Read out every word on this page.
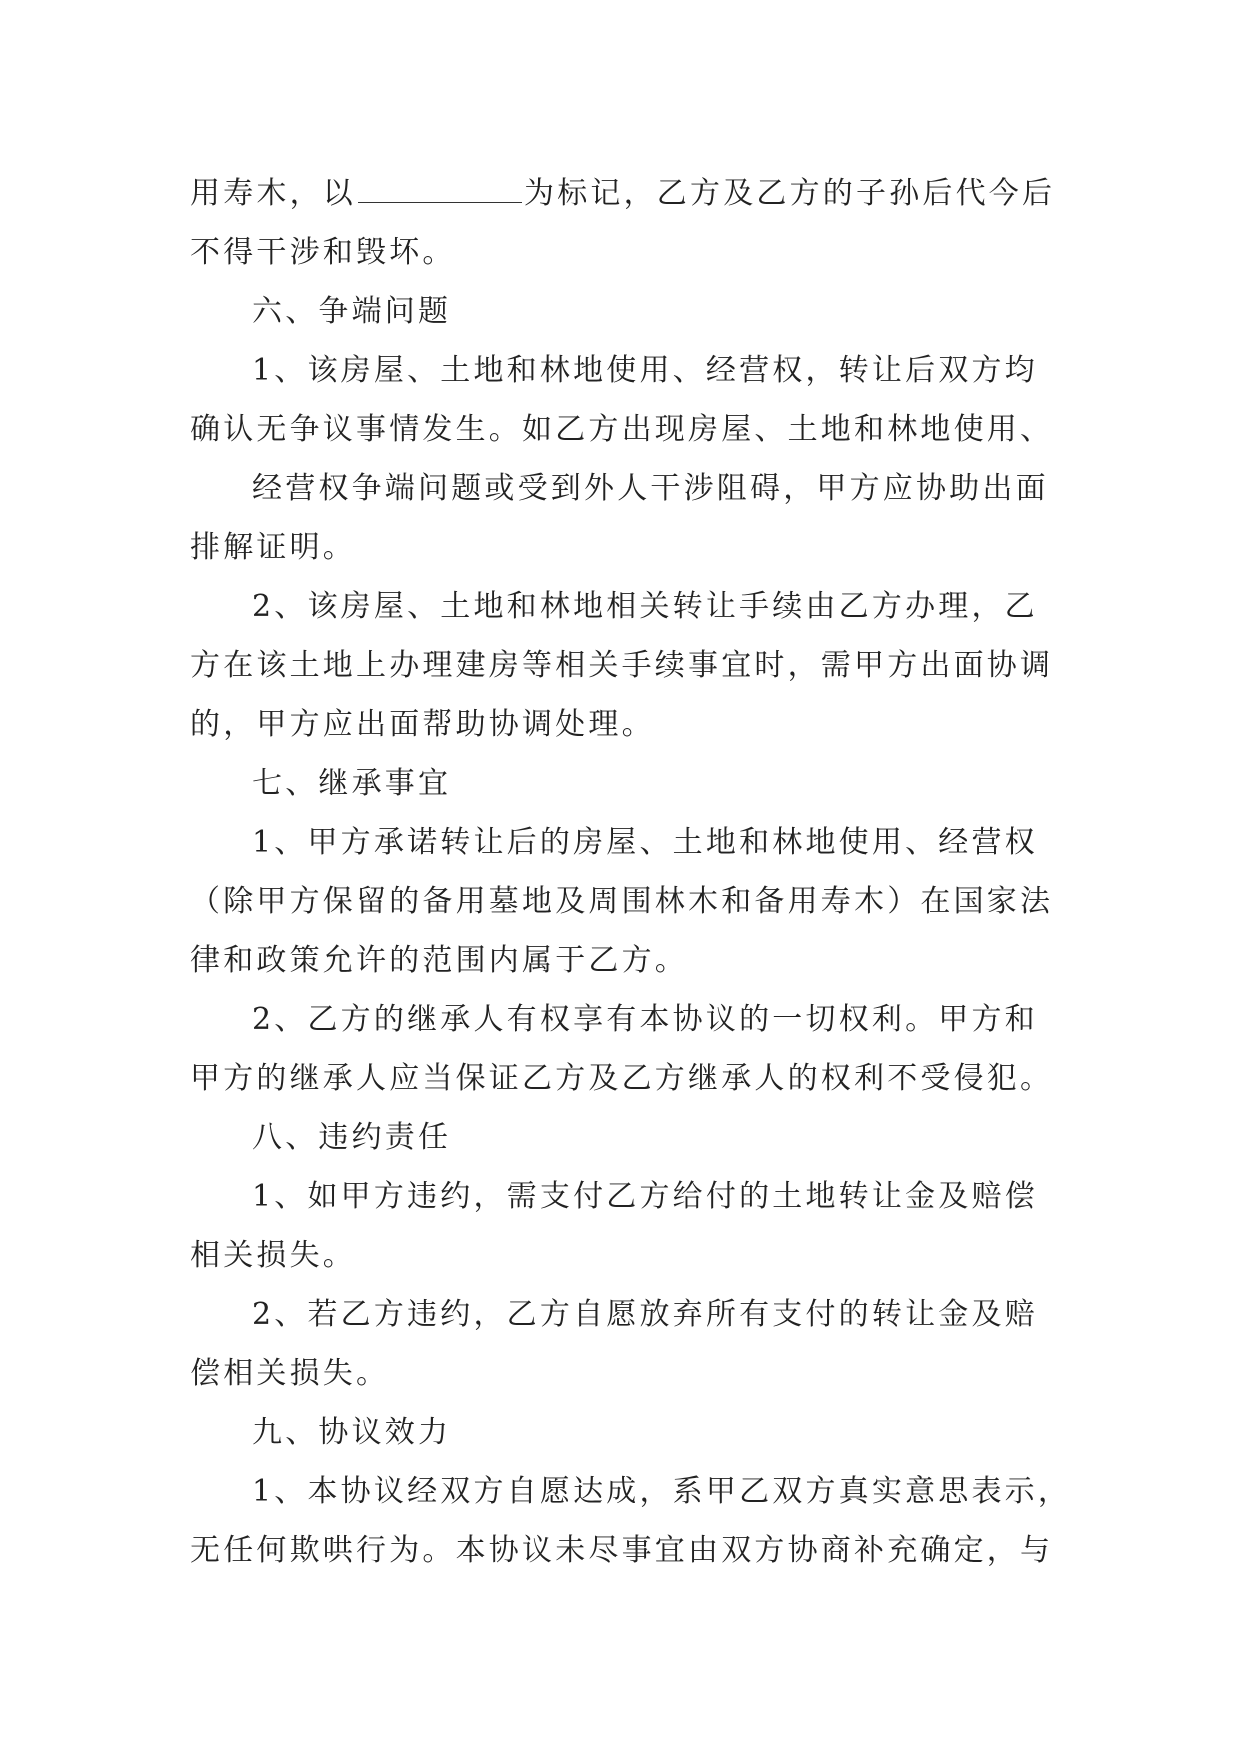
用寿木，以	为标记，乙方及乙方的子孙后代今后
不得干涉和毁坏。
六、争端问题
1、该房屋、土地和林地使用、经营权，转让后双方均
确认无争议事情发生。如乙方出现房屋、土地和林地使用、
经营权争端问题或受到外人干涉阻碍，甲方应协助出面
排解证明。
2、该房屋、土地和林地相关转让手续由乙方办理，乙
方在该土地上办理建房等相关手续事宜时，需甲方出面协调
的，甲方应出面帮助协调处理。
七、继承事宜
1、甲方承诺转让后的房屋、土地和林地使用、经营权
（除甲方保留的备用墓地及周围林木和备用寿木）在国家法
律和政策允许的范围内属于乙方。
2、乙方的继承人有权享有本协议的一切权利。甲方和
甲方的继承人应当保证乙方及乙方继承人的权利不受侵犯。
八、违约责任
1、如甲方违约，需支付乙方给付的土地转让金及赔偿
相关损失。
2、若乙方违约，乙方自愿放弃所有支付的转让金及赔
偿相关损失。
九、协议效力
1、本协议经双方自愿达成，系甲乙双方真实意思表示，
无任何欺哄行为。本协议未尽事宜由双方协商补充确定，与
